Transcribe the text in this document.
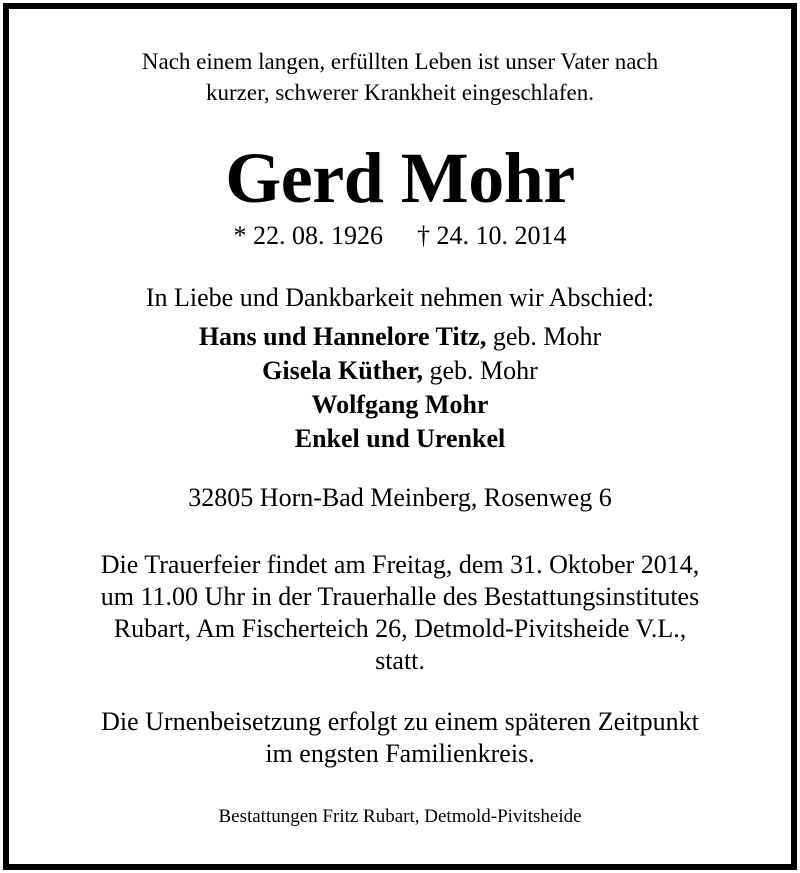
Nach einem langen, erfüllten Leben ist unser Vater nach
kurzer, schwerer Krankheit eingeschlafen.
Gerd Mohr
* 22. 08. 1926 † 24. 10. 2014
In Liebe und Dankbarkeit nehmen wir Abschied:
Hans und Hannelore Titz, geb. Mohr
Gisela Küther, geb. Mohr
Wolfgang Mohr
Enkel und Urenkel
32805 Horn-Bad Meinberg, Rosenweg 6
Die Trauerfeier findet am Freitag, dem 31. Oktober 2014,
um 11.00 Uhr in der Trauerhalle des Bestattungsinstitutes
Rubart, Am Fischerteich 26, Detmold-Pivitsheide V.L.,
statt.
Die Urnenbeisetzung erfolgt zu einem späteren Zeitpunkt
im engsten Familienkreis.
Bestattungen Fritz Rubart, Detmold-Pivitsheide
